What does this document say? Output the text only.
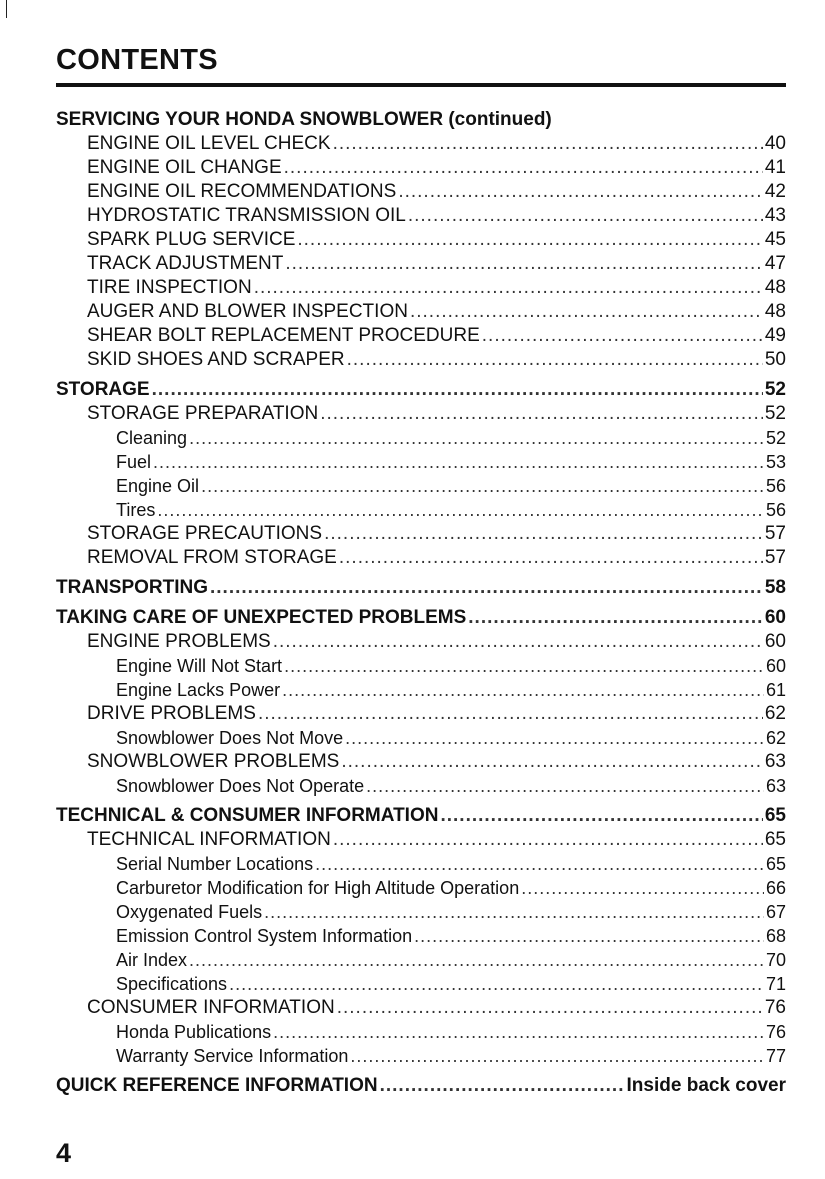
CONTENTS
SERVICING YOUR HONDA SNOWBLOWER (continued)
ENGINE OIL LEVEL CHECK .....	40
ENGINE OIL CHANGE .....	41
ENGINE OIL RECOMMENDATIONS .....	42
HYDROSTATIC TRANSMISSION OIL .....	43
SPARK PLUG SERVICE .....	45
TRACK ADJUSTMENT .....	47
TIRE INSPECTION .....	48
AUGER AND BLOWER INSPECTION .....	48
SHEAR BOLT REPLACEMENT PROCEDURE .....	49
SKID SHOES AND SCRAPER .....	50
STORAGE .....	52
STORAGE PREPARATION .....	52
Cleaning .....	52
Fuel .....	53
Engine Oil .....	56
Tires .....	56
STORAGE PRECAUTIONS .....	57
REMOVAL FROM STORAGE .....	57
TRANSPORTING .....	58
TAKING CARE OF UNEXPECTED PROBLEMS .....	60
ENGINE PROBLEMS .....	60
Engine Will Not Start .....	60
Engine Lacks Power .....	61
DRIVE PROBLEMS .....	62
Snowblower Does Not Move .....	62
SNOWBLOWER PROBLEMS .....	63
Snowblower Does Not Operate .....	63
TECHNICAL & CONSUMER INFORMATION .....	65
TECHNICAL INFORMATION .....	65
Serial Number Locations .....	65
Carburetor Modification for High Altitude Operation .....	66
Oxygenated Fuels .....	67
Emission Control System Information .....	68
Air Index .....	70
Specifications .....	71
CONSUMER INFORMATION .....	76
Honda Publications .....	76
Warranty Service Information .....	77
QUICK REFERENCE INFORMATION .....	Inside back cover
4
